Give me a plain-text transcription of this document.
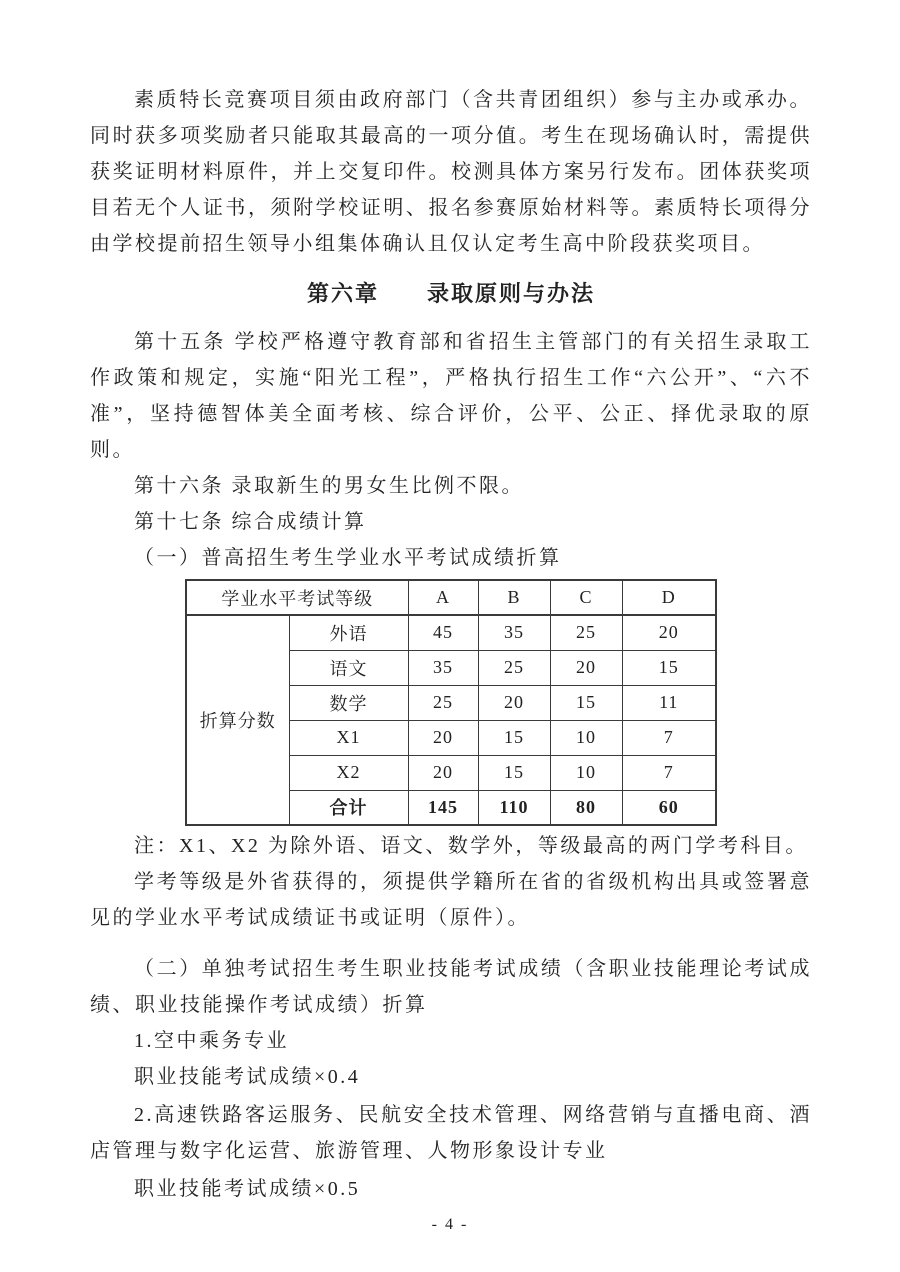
素质特长竞赛项目须由政府部门（含共青团组织）参与主办或承办。同时获多项奖励者只能取其最高的一项分值。考生在现场确认时，需提供获奖证明材料原件，并上交复印件。校测具体方案另行发布。团体获奖项目若无个人证书，须附学校证明、报名参赛原始材料等。素质特长项得分由学校提前招生领导小组集体确认且仅认定考生高中阶段获奖项目。

第六章　　录取原则与办法

第十五条 学校严格遵守教育部和省招生主管部门的有关招生录取工作政策和规定，实施“阳光工程”，严格执行招生工作“六公开”、“六不准”，坚持德智体美全面考核、综合评价，公平、公正、择优录取的原则。

第十六条 录取新生的男女生比例不限。

第十七条 综合成绩计算

（一）普高招生考生学业水平考试成绩折算

学业水平考试等级		A	B	C	D
折算分数	外语	45	35	25	20
	语文	35	25	20	15
	数学	25	20	15	11
	X1	20	15	10	7
	X2	20	15	10	7
	合计	145	110	80	60

注：X1、X2 为除外语、语文、数学外，等级最高的两门学考科目。

学考等级是外省获得的，须提供学籍所在省的省级机构出具或签署意见的学业水平考试成绩证书或证明（原件）。

（二）单独考试招生考生职业技能考试成绩（含职业技能理论考试成绩、职业技能操作考试成绩）折算

1.空中乘务专业

职业技能考试成绩×0.4

2.高速铁路客运服务、民航安全技术管理、网络营销与直播电商、酒店管理与数字化运营、旅游管理、人物形象设计专业

职业技能考试成绩×0.5

- 4 -
